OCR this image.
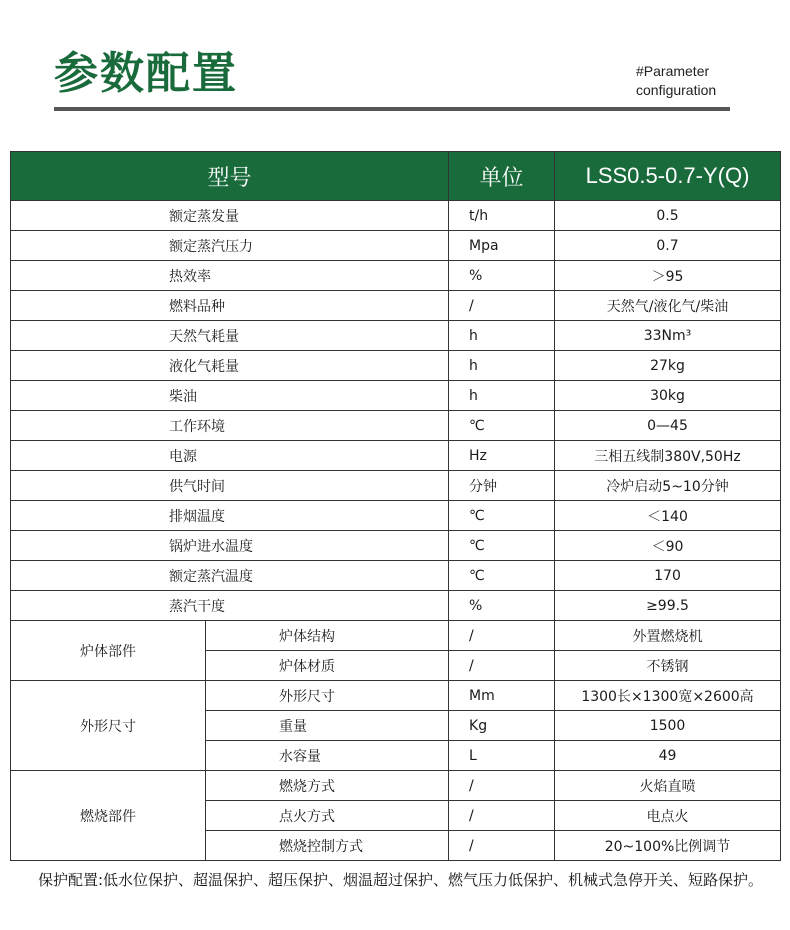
参数配置	#Parameter
configuration
型号		单位	LSS0.5-0.7-Y(Q)
额定蒸发量		t/h	0.5
额定蒸汽压力		Mpa	0.7
热效率		%	＞95
燃料品种		/	天然气/液化气/柴油
天然气耗量		h	33Nm³
液化气耗量		h	27kg
柴油		h	30kg
工作环境		℃	0—45
电源		Hz	三相五线制380V,50Hz
供气时间		分钟	冷炉启动5~10分钟
排烟温度		℃	＜140
锅炉进水温度		℃	＜90
额定蒸汽温度		℃	170
蒸汽干度		%	≥99.5
炉体部件	炉体结构	/	外置燃烧机
	炉体材质	/	不锈钢
外形尺寸	外形尺寸	Mm	1300长×1300宽×2600高
	重量	Kg	1500
	水容量	L	49
燃烧部件	燃烧方式	/	火焰直喷
	点火方式	/	电点火
	燃烧控制方式	/	20~100%比例调节
保护配置:低水位保护、超温保护、超压保护、烟温超过保护、燃气压力低保护、机械式急停开关、短路保护。
